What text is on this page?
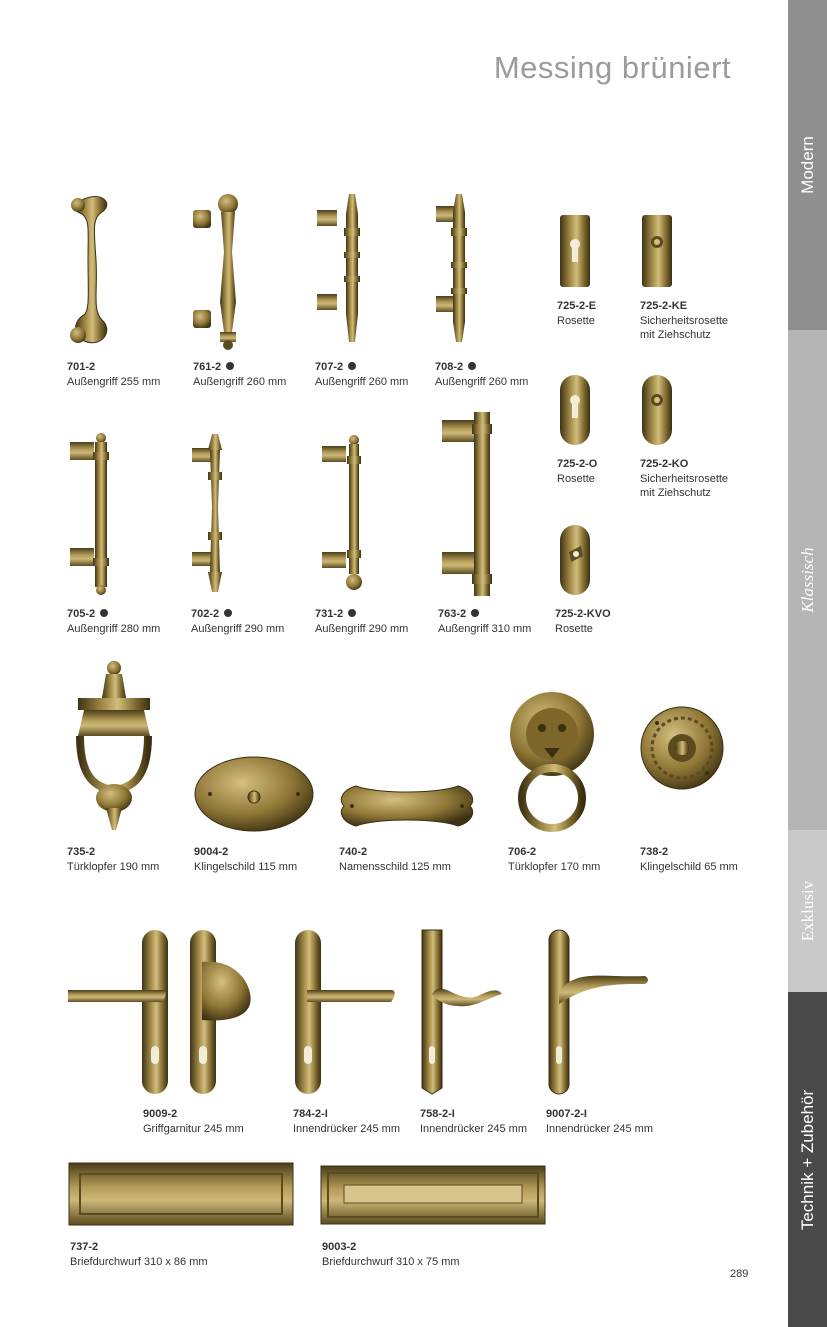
Messing brüniert
Modern
Klassisch
Exklusiv
Technik + Zubehör
701-2
Außengriff 255 mm
761-2
Außengriff 260 mm
707-2
Außengriff 260 mm
708-2
Außengriff 260 mm
725-2-E
Rosette
725-2-KE
Sicherheitsrosette
mit Ziehschutz
725-2-O
Rosette
725-2-KO
Sicherheitsrosette
mit Ziehschutz
705-2
Außengriff 280 mm
702-2
Außengriff 290 mm
731-2
Außengriff 290 mm
763-2
Außengriff 310 mm
725-2-KVO
Rosette
735-2
Türklopfer 190 mm
9004-2
Klingelschild 115 mm
740-2
Namensschild 125 mm
706-2
Türklopfer 170 mm
738-2
Klingelschild 65 mm
9009-2
Griffgarnitur 245 mm
784-2-I
Innendrücker 245 mm
758-2-I
Innendrücker 245 mm
9007-2-I
Innendrücker 245 mm
737-2
Briefdurchwurf 310 x 86 mm
9003-2
Briefdurchwurf 310 x 75 mm
289
